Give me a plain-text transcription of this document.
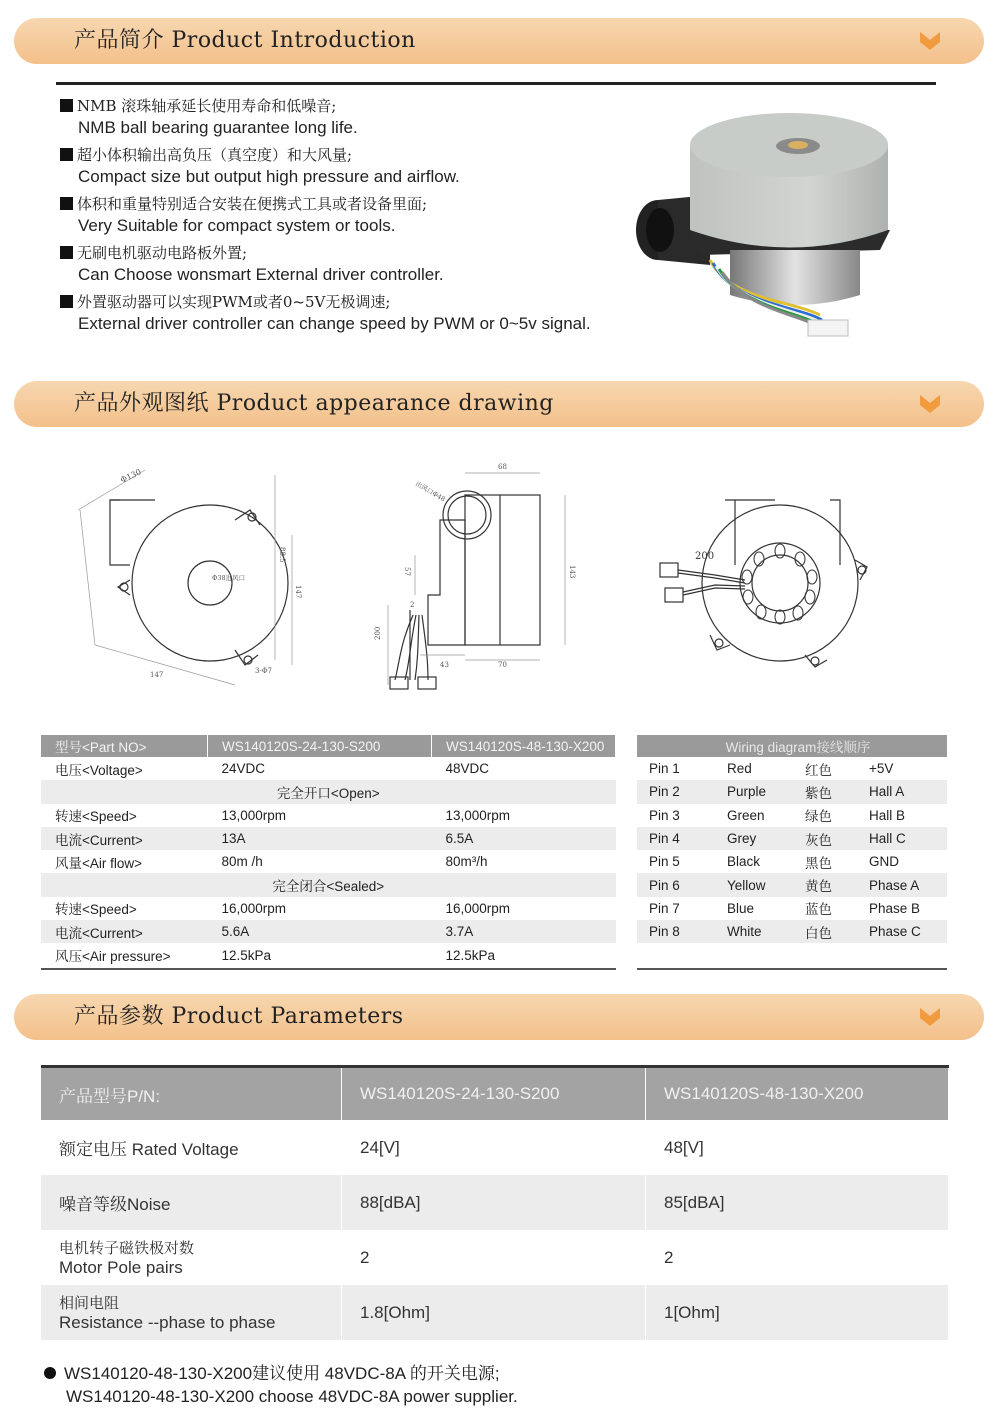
产品简介 Product Introduction
NMB 滚珠轴承延长使用寿命和低噪音;
NMB ball bearing guarantee long life.
超小体积输出高负压（真空度）和大风量;
Compact size but output high pressure and airflow.
体积和重量特别适合安装在便携式工具或者设备里面;
Very Suitable for compact system or tools.
无刷电机驱动电路板外置;
Can Choose wonsmart External driver controller.
外置驱动器可以实现PWM或者0~5V无极调速;
External driver controller can change speed by PWM or 0~5v signal.
产品外观图纸 Product appearance drawing
Φ130
Φ38进风口
88.5
147
3-Φ7
147
68
出风口Φ48
143
57
2
200
43	70
200
型号<Part NO>	WS140120S-24-130-S200	WS140120S-48-130-X200
电压<Voltage>	24VDC	48VDC
完全开口<Open>		
转速<Speed>	13,000rpm	13,000rpm
电流<Current>	13A	6.5A
风量<Air flow>	80m /h	80m³/h
完全闭合<Sealed>		
转速<Speed>	16,000rpm	16,000rpm
电流<Current>	5.6A	3.7A
风压<Air pressure>	12.5kPa	12.5kPa
Wiring diagram接线顺序			
Pin 1	Red	红色	+5V
Pin 2	Purple	紫色	Hall A
Pin 3	Green	绿色	Hall B
Pin 4	Grey	灰色	Hall C
Pin 5	Black	黑色	GND
Pin 6	Yellow	黄色	Phase A
Pin 7	Blue	蓝色	Phase B
Pin 8	White	白色	Phase C
产品参数 Product Parameters
产品型号P/N:	WS140120S-24-130-S200	WS140120S-48-130-X200
额定电压 Rated Voltage	24[V]	48[V]
噪音等级Noise	88[dBA]	85[dBA]

电机转子磁铁极对数
Motor Pole pairs	2	2

相间电阻
Resistance --phase to phase	1.8[Ohm]	1[Ohm]
WS140120-48-130-X200建议使用 48VDC-8A 的开关电源;
WS140120-48-130-X200 choose 48VDC-8A power supplier.
